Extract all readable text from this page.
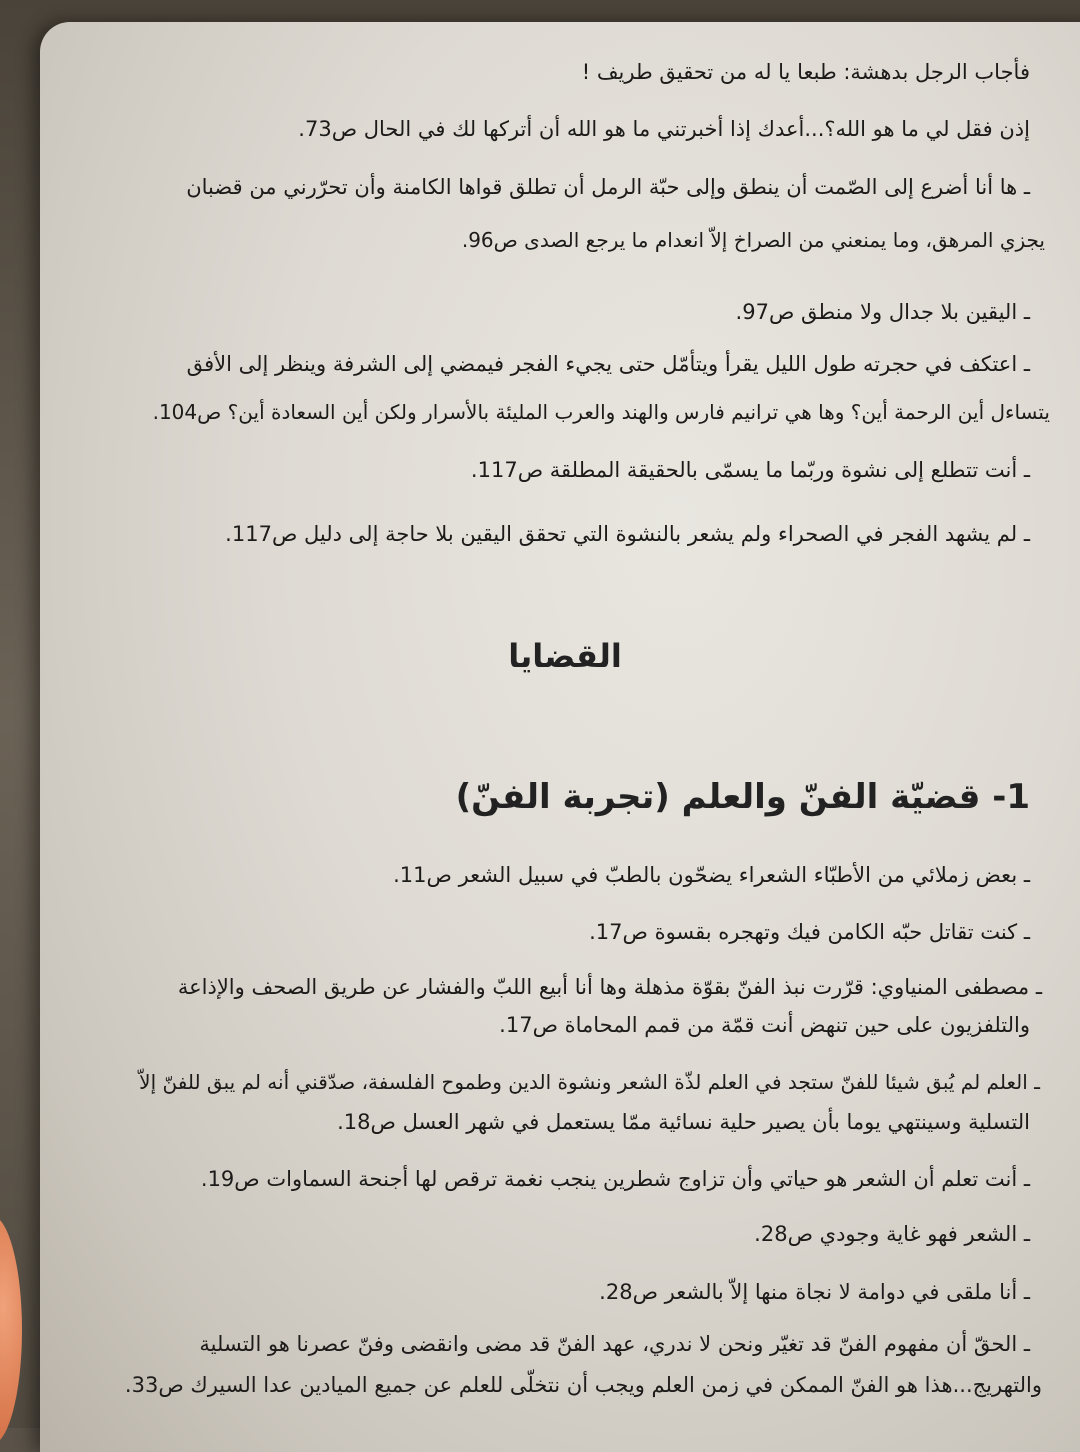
فأجاب الرجل بدهشة: طبعا يا له من تحقيق طريف !
إذن فقل لي ما هو الله؟...أعدك إذا أخبرتني ما هو الله أن أتركها لك في الحال ص73.
ـ ها أنا أضرع إلى الصّمت أن ينطق وإلى حبّة الرمل أن تطلق قواها الكامنة وأن تحرّرني من قضبان
يجزي المرهق، وما يمنعني من الصراخ إلاّ انعدام ما يرجع الصدى ص96.
ـ اليقين بلا جدال ولا منطق ص97.
ـ اعتكف في حجرته طول الليل يقرأ ويتأمّل حتى يجيء الفجر فيمضي إلى الشرفة وينظر إلى الأفق
يتساءل أين الرحمة أين؟ وها هي ترانيم فارس والهند والعرب المليئة بالأسرار ولكن أين السعادة أين؟ ص104.
ـ أنت تتطلع إلى نشوة وربّما ما يسمّى بالحقيقة المطلقة ص117.
ـ لم يشهد الفجر في الصحراء ولم يشعر بالنشوة التي تحقق اليقين بلا حاجة إلى دليل ص117.
القضايا
1- قضيّة الفنّ والعلم (تجربة الفنّ)
ـ بعض زملائي من الأطبّاء الشعراء يضحّون بالطبّ في سبيل الشعر ص11.
ـ كنت تقاتل حبّه الكامن فيك وتهجره بقسوة ص17.
ـ مصطفى المنياوي: قرّرت نبذ الفنّ بقوّة مذهلة وها أنا أبيع اللبّ والفشار عن طريق الصحف والإذاعة
والتلفزيون على حين تنهض أنت قمّة من قمم المحاماة ص17.
ـ العلم لم يُبق شيئا للفنّ ستجد في العلم لذّة الشعر ونشوة الدين وطموح الفلسفة، صدّقني أنه لم يبق للفنّ إلاّ
التسلية وسينتهي يوما بأن يصير حلية نسائية ممّا يستعمل في شهر العسل ص18.
ـ أنت تعلم أن الشعر هو حياتي وأن تزاوج شطرين ينجب نغمة ترقص لها أجنحة السماوات ص19.
ـ الشعر فهو غاية وجودي ص28.
ـ أنا ملقى في دوامة لا نجاة منها إلاّ بالشعر ص28.
ـ الحقّ أن مفهوم الفنّ قد تغيّر ونحن لا ندري، عهد الفنّ قد مضى وانقضى وفنّ عصرنا هو التسلية
والتهريج...هذا هو الفنّ الممكن في زمن العلم ويجب أن نتخلّى للعلم عن جميع الميادين عدا السيرك ص33.
